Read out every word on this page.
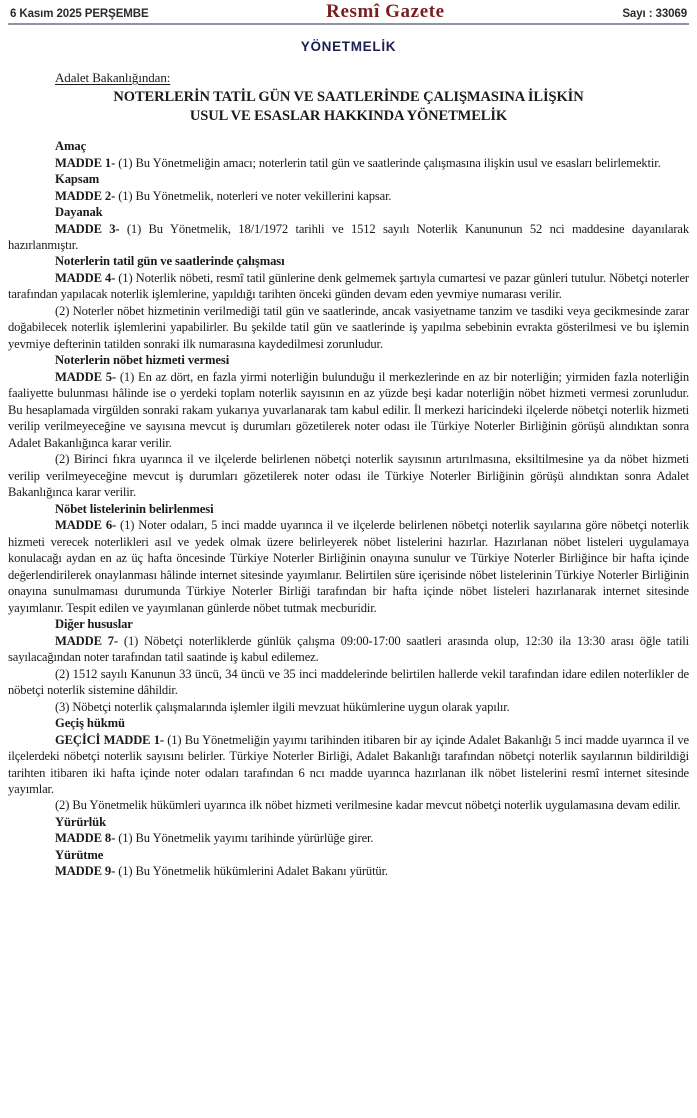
6 Kasım 2025 PERŞEMBE	Resmî Gazete	Sayı : 33069
YÖNETMELİK
Adalet Bakanlığından:
NOTERLERİN TATİL GÜN VE SAATLERİNDE ÇALIŞMASINA İLİŞKİN
USUL VE ESASLAR HAKKINDA YÖNETMELİK

Amaç

MADDE 1- (1) Bu Yönetmeliğin amacı; noterlerin tatil gün ve saatlerinde çalışmasına ilişkin usul ve esasları belirlemektir.

Kapsam

MADDE 2- (1) Bu Yönetmelik, noterleri ve noter vekillerini kapsar.

Dayanak

MADDE 3- (1) Bu Yönetmelik, 18/1/1972 tarihli ve 1512 sayılı Noterlik Kanununun 52 nci maddesine dayanılarak hazırlanmıştır.

Noterlerin tatil gün ve saatlerinde çalışması

MADDE 4- (1) Noterlik nöbeti, resmî tatil günlerine denk gelmemek şartıyla cumartesi ve pazar günleri tutulur. Nöbetçi noterler tarafından yapılacak noterlik işlemlerine, yapıldığı tarihten önceki günden devam eden yevmiye numarası verilir.

(2) Noterler nöbet hizmetinin verilmediği tatil gün ve saatlerinde, ancak vasiyetname tanzim ve tasdiki veya gecikmesinde zarar doğabilecek noterlik işlemlerini yapabilirler. Bu şekilde tatil gün ve saatlerinde iş yapılma sebebinin evrakta gösterilmesi ve bu işlemin yevmiye defterinin tatilden sonraki ilk numarasına kaydedilmesi zorunludur.

Noterlerin nöbet hizmeti vermesi

MADDE 5- (1) En az dört, en fazla yirmi noterliğin bulunduğu il merkezlerinde en az bir noterliğin; yirmiden fazla noterliğin faaliyette bulunması hâlinde ise o yerdeki toplam noterlik sayısının en az yüzde beşi kadar noterliğin nöbet hizmeti vermesi zorunludur. Bu hesaplamada virgülden sonraki rakam yukarıya yuvarlanarak tam kabul edilir. İl merkezi haricindeki ilçelerde nöbetçi noterlik hizmeti verilip verilmeyeceğine ve sayısına mevcut iş durumları gözetilerek noter odası ile Türkiye Noterler Birliğinin görüşü alındıktan sonra Adalet Bakanlığınca karar verilir.

(2) Birinci fıkra uyarınca il ve ilçelerde belirlenen nöbetçi noterlik sayısının artırılmasına, eksiltilmesine ya da nöbet hizmeti verilip verilmeyeceğine mevcut iş durumları gözetilerek noter odası ile Türkiye Noterler Birliğinin görüşü alındıktan sonra Adalet Bakanlığınca karar verilir.

Nöbet listelerinin belirlenmesi

MADDE 6- (1) Noter odaları, 5 inci madde uyarınca il ve ilçelerde belirlenen nöbetçi noterlik sayılarına göre nöbetçi noterlik hizmeti verecek noterlikleri asıl ve yedek olmak üzere belirleyerek nöbet listelerini hazırlar. Hazırlanan nöbet listeleri uygulamaya konulacağı aydan en az üç hafta öncesinde Türkiye Noterler Birliğinin onayına sunulur ve Türkiye Noterler Birliğince bir hafta içinde değerlendirilerek onaylanması hâlinde internet sitesinde yayımlanır. Belirtilen süre içerisinde nöbet listelerinin Türkiye Noterler Birliğinin onayına sunulmaması durumunda Türkiye Noterler Birliği tarafından bir hafta içinde nöbet listeleri hazırlanarak internet sitesinde yayımlanır. Tespit edilen ve yayımlanan günlerde nöbet tutmak mecburidir.

Diğer hususlar

MADDE 7- (1) Nöbetçi noterliklerde günlük çalışma 09:00-17:00 saatleri arasında olup, 12:30 ila 13:30 arası öğle tatili sayılacağından noter tarafından tatil saatinde iş kabul edilemez.

(2) 1512 sayılı Kanunun 33 üncü, 34 üncü ve 35 inci maddelerinde belirtilen hallerde vekil tarafından idare edilen noterlikler de nöbetçi noterlik sistemine dâhildir.

(3) Nöbetçi noterlik çalışmalarında işlemler ilgili mevzuat hükümlerine uygun olarak yapılır.

Geçiş hükmü

GEÇİCİ MADDE 1- (1) Bu Yönetmeliğin yayımı tarihinden itibaren bir ay içinde Adalet Bakanlığı 5 inci madde uyarınca il ve ilçelerdeki nöbetçi noterlik sayısını belirler. Türkiye Noterler Birliği, Adalet Bakanlığı tarafından nöbetçi noterlik sayılarının bildirildiği tarihten itibaren iki hafta içinde noter odaları tarafından 6 ncı madde uyarınca hazırlanan ilk nöbet listelerini resmî internet sitesinde yayımlar.

(2) Bu Yönetmelik hükümleri uyarınca ilk nöbet hizmeti verilmesine kadar mevcut nöbetçi noterlik uygulamasına devam edilir.

Yürürlük

MADDE 8- (1) Bu Yönetmelik yayımı tarihinde yürürlüğe girer.

Yürütme

MADDE 9- (1) Bu Yönetmelik hükümlerini Adalet Bakanı yürütür.
